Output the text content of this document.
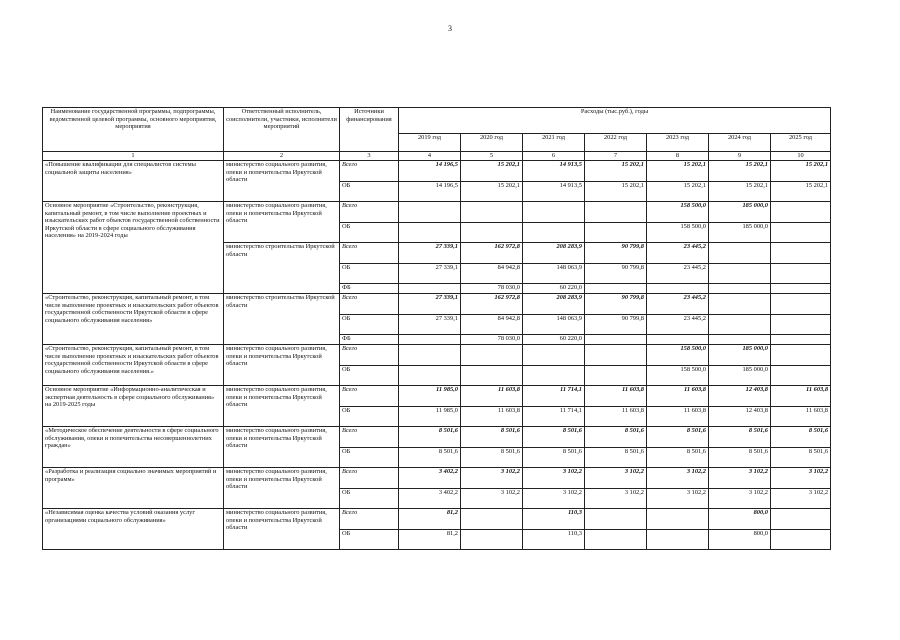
3
Наименование государственной программы, подпрограммы, ведомственной целевой программы, основного мероприятия, мероприятия	Ответственный исполнитель, соисполнители, участники, исполнители мероприятий	Источники финансирования	Расходы (тыс.руб.), годы						
			2019 год	2020 год	2021 год	2022 год	2023 год	2024 год	2025 год
1	2	3	4	5	6	7	8	9	10
«Повышение квалификации для специалистов системы социальной защиты населения»	министерство социального развития, опеки и попечительства Иркутской области	Всего	14 196,5	15 202,1	14 913,5	15 202,1	15 202,1	15 202,1	15 202,1
		ОБ	14 196,5	15 202,1	14 913,5	15 202,1	15 202,1	15 202,1	15 202,1
Основное мероприятие «Строительство, реконструкция, капитальный ремонт, в том числе выполнение проектных и изыскательских работ объектов государственной собственности Иркутской области в сфере социального обслуживания населения» на 2019-2024 годы	министерство социального развития, опеки и попечительства Иркутской области	Всего					158 500,0	185 000,0	
		ОБ					158 500,0	185 000,0	
	министерство строительства Иркутской области	Всего	27 339,1	162 972,8	208 283,9	90 799,8	23 445,2		
		ОБ	27 339,1	84 942,8	148 063,9	90 799,8	23 445,2		
		ФБ		78 030,0	60 220,0				
«Строительство, реконструкция, капитальный ремонт, в том числе выполнение проектных и изыскательских работ объектов государственной собственности Иркутской области в сфере социального обслуживания населения»	министерство строительства Иркутской области	Всего	27 339,1	162 972,8	208 283,9	90 799,8	23 445,2		
		ОБ	27 339,1	84 942,8	148 063,9	90 799,8	23 445,2		
		ФБ		78 030,0	60 220,0				
«Строительство, реконструкция, капитальный ремонт, в том числе выполнение проектных и изыскательских работ объектов государственной собственности Иркутской области в сфере социального обслуживания населения.»	министерство социального развития, опеки и попечительства Иркутской области	Всего					158 500,0	185 000,0	
		ОБ					158 500,0	185 000,0	
Основное мероприятие «Информационно-аналитическая и экспертная деятельность в сфере социального обслуживания» на 2019-2025 годы	министерство социального развития, опеки и попечительства Иркутской области	Всего	11 985,0	11 603,8	11 714,1	11 603,8	11 603,8	12 403,8	11 603,8
		ОБ	11 985,0	11 603,8	11 714,1	11 603,8	11 603,8	12 403,8	11 603,8
«Методическое обеспечение деятельности в сфере социального обслуживания, опеки и попечительства несовершеннолетних граждан»	министерство социального развития, опеки и попечительства Иркутской области	Всего	8 501,6	8 501,6	8 501,6	8 501,6	8 501,6	8 501,6	8 501,6
		ОБ	8 501,6	8 501,6	8 501,6	8 501,6	8 501,6	8 501,6	8 501,6
«Разработка и реализация социально значимых мероприятий и программ»	министерство социального развития, опеки и попечительства Иркутской области	Всего	3 402,2	3 102,2	3 102,2	3 102,2	3 102,2	3 102,2	3 102,2
		ОБ	3 402,2	3 102,2	3 102,2	3 102,2	3 102,2	3 102,2	3 102,2
«Независимая оценка качества условий оказания услуг организациями социального обслуживания»	министерство социального развития, опеки и попечительства Иркутской области	Всего	81,2		110,3			800,0	
		ОБ	81,2		110,3			800,0	
